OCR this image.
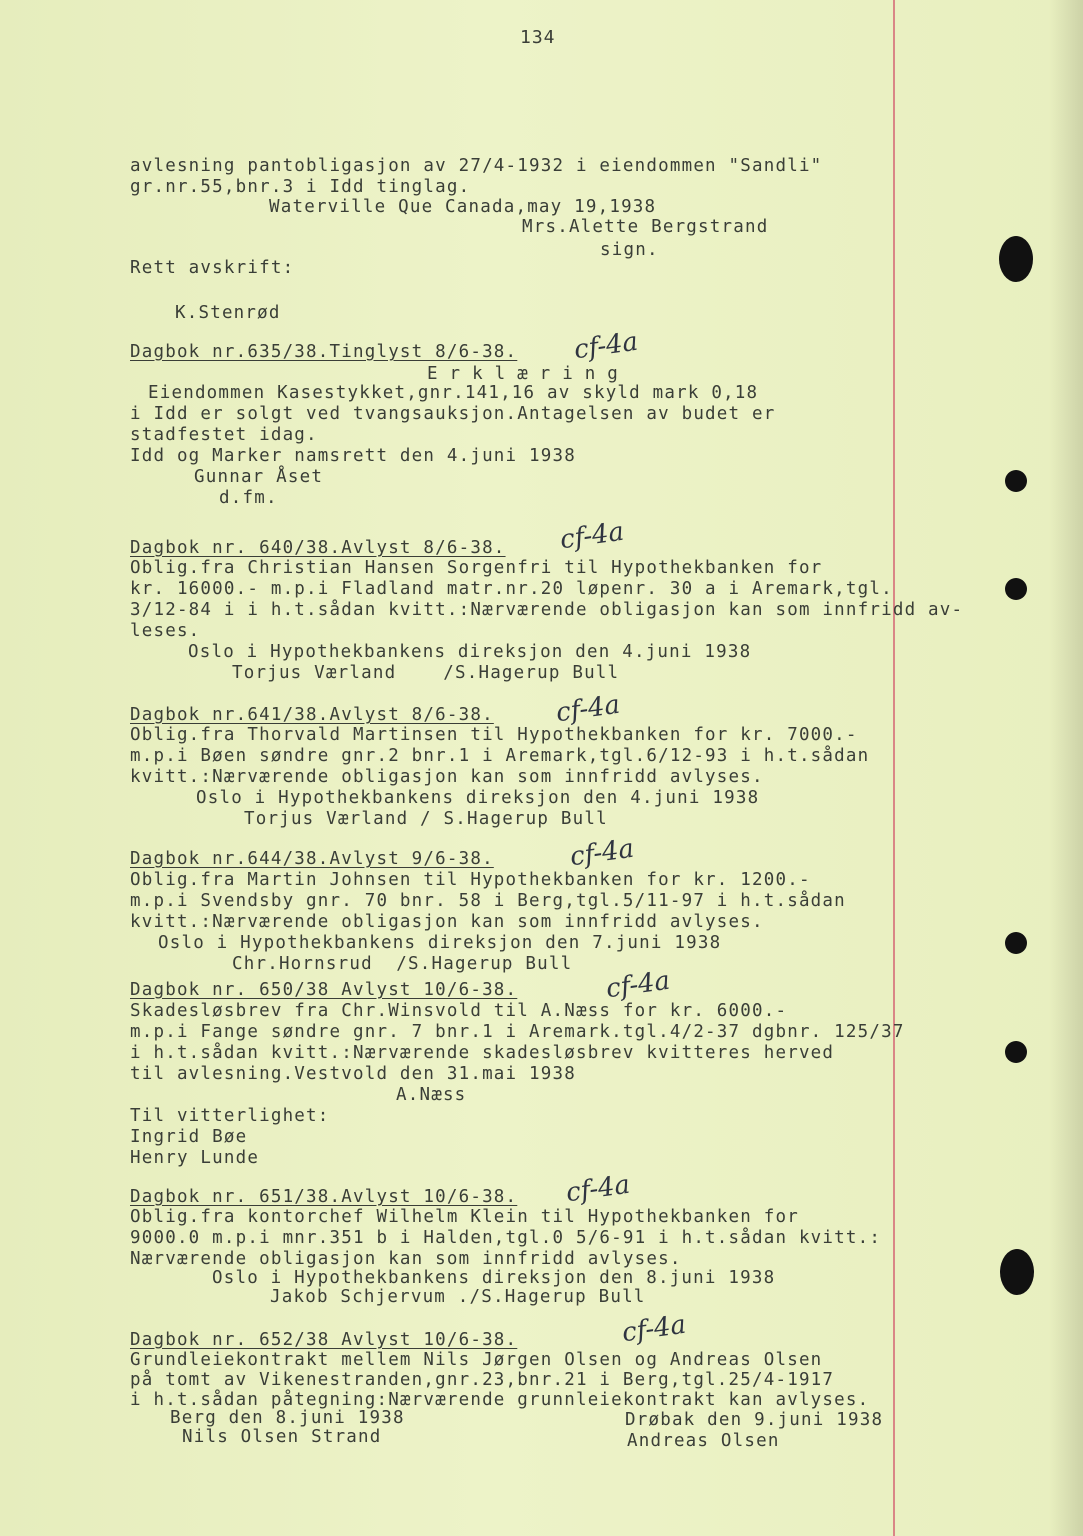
134
avlesning pantobligasjon av 27/4-1932 i eiendommen "Sandli"
gr.nr.55,bnr.3 i Idd tinglag.
Waterville Que Canada,may 19,1938
Mrs.Alette Bergstrand
sign.
Rett avskrift:
K.Stenrød
Dagbok nr.635/38.Tinglyst 8/6-38. cf-4a
Erklæring
Eiendommen Kasestykket,gnr.141,16 av skyld mark 0,18
i Idd er solgt ved tvangsauksjon.Antagelsen av budet er
stadfestet idag.
Idd og Marker namsrett den 4.juni 1938
Gunnar Åset
d.fm.
Dagbok nr. 640/38.Avlyst 8/6-38. cf-4a
Oblig.fra Christian Hansen Sorgenfri til Hypothekbanken for
kr. 16000.- m.p.i Fladland matr.nr.20 løpenr. 30 a i Aremark,tgl.
3/12-84 i i h.t.sådan kvitt.:Nærværende obligasjon kan som innfridd av-
leses.
Oslo i Hypothekbankens direksjon den 4.juni 1938
Torjus Værland    /S.Hagerup Bull
Dagbok nr.641/38.Avlyst 8/6-38. cf-4a
Oblig.fra Thorvald Martinsen til Hypothekbanken for kr. 7000.-
m.p.i Bøen søndre gnr.2 bnr.1 i Aremark,tgl.6/12-93 i h.t.sådan
kvitt.:Nærværende obligasjon kan som innfridd avlyses.
Oslo i Hypothekbankens direksjon den 4.juni 1938
Torjus Værland / S.Hagerup Bull
Dagbok nr.644/38.Avlyst 9/6-38.	cf-4a
Oblig.fra Martin Johnsen til Hypothekbanken for kr. 1200.-
m.p.i Svendsby gnr. 70 bnr. 58 i Berg,tgl.5/11-97 i h.t.sådan
kvitt.:Nærværende obligasjon kan som innfridd avlyses.
Oslo i Hypothekbankens direksjon den 7.juni 1938
Chr.Hornsrud  /S.Hagerup Bull
Dagbok nr. 650/38 Avlyst 10/6-38.	cf-4a
Skadesløsbrev fra Chr.Winsvold til A.Næss for kr. 6000.-
m.p.i Fange søndre gnr. 7 bnr.1 i Aremark.tgl.4/2-37 dgbnr. 125/37
i h.t.sådan kvitt.:Nærværende skadesløsbrev kvitteres herved
til avlesning.Vestvold den 31.mai 1938
A.Næss
Til vitterlighet:
Ingrid Bøe
Henry Lunde
Dagbok nr. 651/38.Avlyst 10/6-38. cf-4a
Oblig.fra kontorchef Wilhelm Klein til Hypothekbanken for
9000.0 m.p.i mnr.351 b i Halden,tgl.0 5/6-91 i h.t.sådan kvitt.:
Nærværende obligasjon kan som innfridd avlyses.
Oslo i Hypothekbankens direksjon den 8.juni 1938
Jakob Schjervum ./S.Hagerup Bull
Dagbok nr. 652/38 Avlyst 10/6-38.	cf-4a
Grundleiekontrakt mellem Nils Jørgen Olsen og Andreas Olsen
på tomt av Vikenestranden,gnr.23,bnr.21 i Berg,tgl.25/4-1917
i h.t.sådan påtegning:Nærværende grunnleiekontrakt kan avlyses.
Berg den 8.juni 1938	Drøbak den 9.juni 1938
Nils Olsen Strand	Andreas Olsen
